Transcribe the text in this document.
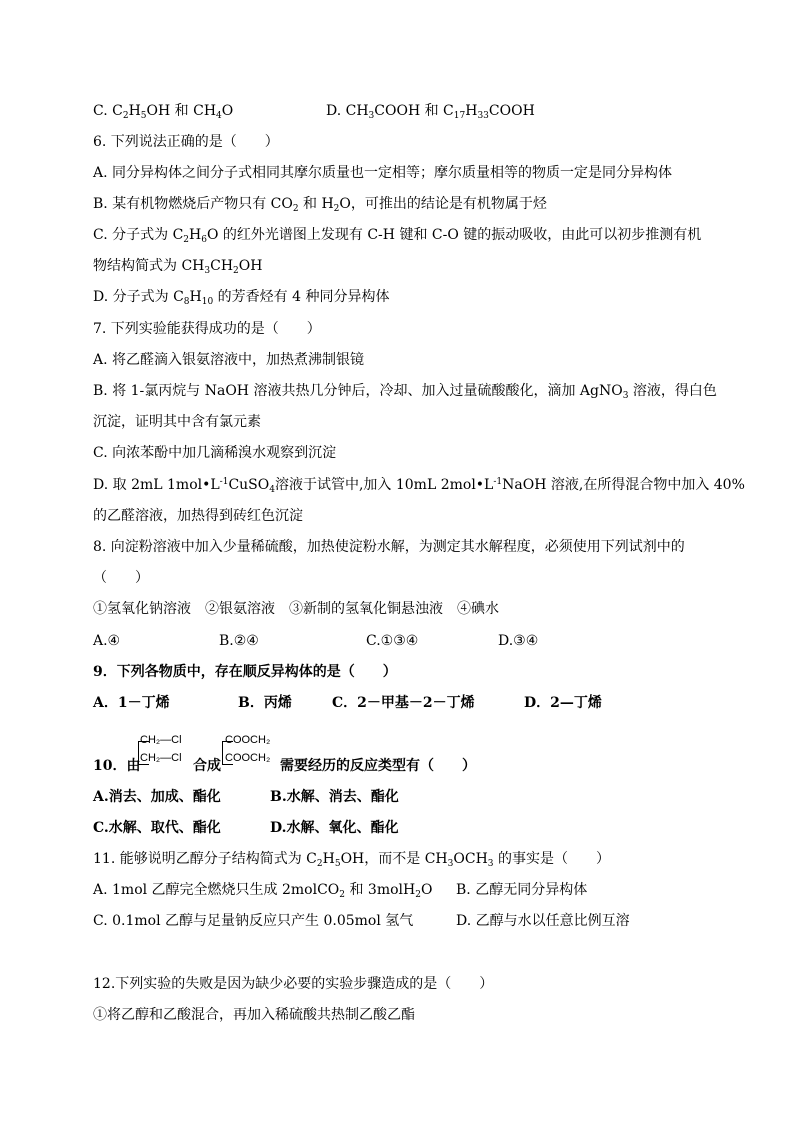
C. $C_2H_5OH$ 和 $CH_4O$	D. $CH_3COOH$ 和 $C_{17}H_{33}COOH$
6. 下列说法正确的是（　　）
A. 同分异构体之间分子式相同其摩尔质量也一定相等；摩尔质量相等的物质一定是同分异构体
B. 某有机物燃烧后产物只有 $CO_2$ 和 $H_2O$，可推出的结论是有机物属于烃
C. 分子式为 $C_2H_6O$ 的红外光谱图上发现有 C-H 键和 C-O 键的振动吸收，由此可以初步推测有机
物结构简式为 $CH_3CH_2OH$
D. 分子式为 $C_8H_{10}$ 的芳香烃有 4 种同分异构体
7. 下列实验能获得成功的是（　　）
A. 将乙醛滴入银氨溶液中，加热煮沸制银镜
B. 将 1-氯丙烷与 NaOH 溶液共热几分钟后，冷却、加入过量硫酸酸化，滴加 AgNO$_3$ 溶液，得白色
沉淀，证明其中含有氯元素
C. 向浓苯酚中加几滴稀溴水观察到沉淀
D. 取 2mL $1mol•L^{-1}CuSO_4$溶液于试管中,加入 10mL $2mol•L^{-1}NaOH$ 溶液,在所得混合物中加入 40%
的乙醛溶液，加热得到砖红色沉淀
8. 向淀粉溶液中加入少量稀硫酸，加热使淀粉水解，为测定其水解程度，必须使用下列试剂中的
（　　）
①氢氧化钠溶液　②银氨溶液　③新制的氢氧化铜悬浊液　④碘水
A.④	B.②④	C.①③④	D.③④
9．下列各物质中，存在顺反异构体的是（　　）
A．1－丁烯	B．丙烯	C．2－甲基－2－丁烯	D．2—丁烯
10．由
CH₂—Cl
CH₂—Cl 合成
COOCH₂
COOCH₂ 需要经历的反应类型有（　　）
A.消去、加成、酯化	B.水解、消去、酯化
C.水解、取代、酯化	D.水解、氧化、酯化
11. 能够说明乙醇分子结构简式为 $C_2H_5OH$，而不是 $CH_3OCH_3$ 的事实是（　　）
A. 1mol 乙醇完全燃烧只生成 2molCO$_2$ 和 3molH$_2$O B. 乙醇无同分异构体
C. 0.1mol 乙醇与足量钠反应只产生 0.05mol 氢气	D. 乙醇与水以任意比例互溶
12.下列实验的失败是因为缺少必要的实验步骤造成的是（　　）
①将乙醇和乙酸混合，再加入稀硫酸共热制乙酸乙酯
